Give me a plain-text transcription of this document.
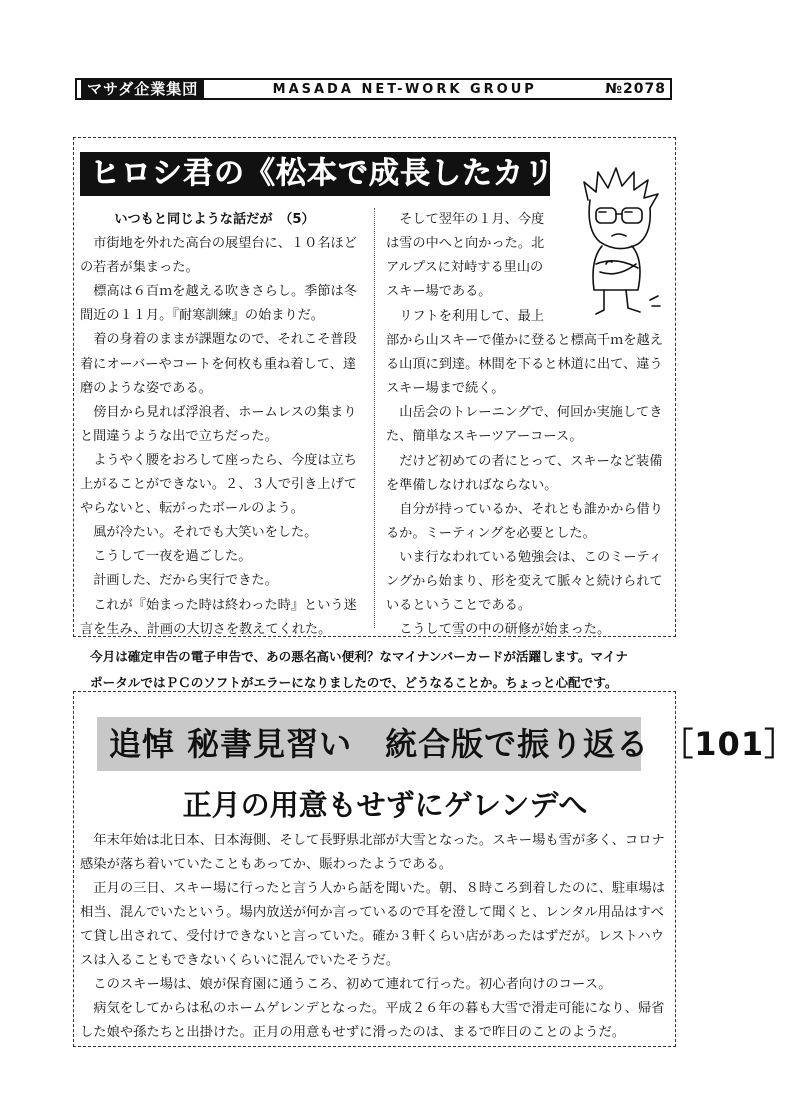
マサダ企業集団	MASADA NET-WORK GROUP	№2078
ヒロシ君の《松本で成長したカリスマ》

いつもと同じような話だが　（5）

市街地を外れた高台の展望台に、１０名ほど

の若者が集まった。

標高は６百ｍを越える吹きさらし。季節は冬

間近の１１月。『耐寒訓練』の始まりだ。

着の身着のままが課題なので、それこそ普段

着にオーバーやコートを何枚も重ね着して、達

磨のような姿である。

傍目から見れば浮浪者、ホームレスの集まり

と間違うような出で立ちだった。

ようやく腰をおろして座ったら、今度は立ち

上がることができない。２、３人で引き上げて

やらないと、転がったボールのよう。

風が冷たい。それでも大笑いをした。

こうして一夜を過ごした。

計画した、だから実行できた。

これが『始まった時は終わった時』という迷

言を生み、計画の大切さを教えてくれた。

そして翌年の１月、今度

は雪の中へと向かった。北

アルプスに対峙する里山の

スキー場である。

リフトを利用して、最上

部から山スキーで僅かに登ると標高千ｍを越え

る山頂に到達。林間を下ると林道に出て、違う

スキー場まで続く。

山岳会のトレーニングで、何回か実施してき

た、簡単なスキーツアーコース。

だけど初めての者にとって、スキーなど装備

を準備しなければならない。

自分が持っているか、それとも誰かから借り

るか。ミーティングを必要とした。

いま行なわれている勉強会は、このミーティ

ングから始まり、形を変えて脈々と続けられて

いるということである。

こうして雪の中の研修が始まった。

今月は確定申告の電子申告で、あの悪名高い便利？なマイナンバーカードが活躍します。マイナ

ポータルではＰＣのソフトがエラーになりましたので、どうなることか。ちょっと心配です。

追悼 秘書見習い　統合版で振り返る ［101］
正月の用意もせずにゲレンデへ

年末年始は北日本、日本海側、そして長野県北部が大雪となった。スキー場も雪が多く、コロナ

感染が落ち着いていたこともあってか、賑わったようである。

正月の三日、スキー場に行ったと言う人から話を聞いた。朝、８時ころ到着したのに、駐車場は

相当、混んでいたという。場内放送が何か言っているので耳を澄して聞くと、レンタル用品はすべ

て貸し出されて、受付けできないと言っていた。確か３軒くらい店があったはずだが。レストハウ

スは入ることもできないくらいに混んでいたそうだ。

このスキー場は、娘が保育園に通うころ、初めて連れて行った。初心者向けのコース。

病気をしてからは私のホームゲレンデとなった。平成２６年の暮も大雪で滑走可能になり、帰省

した娘や孫たちと出掛けた。正月の用意もせずに滑ったのは、まるで昨日のことのようだ。
